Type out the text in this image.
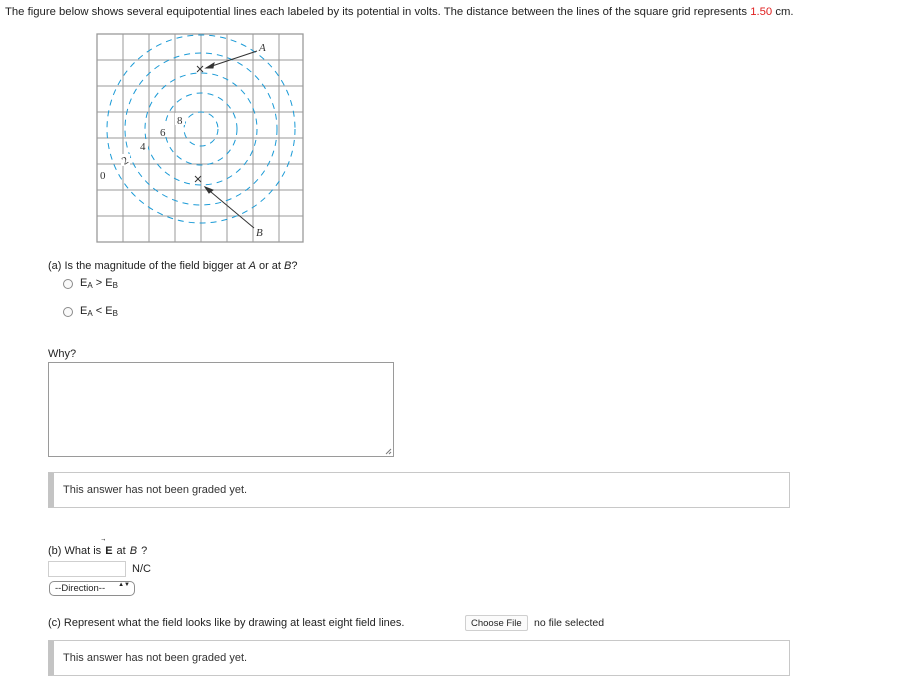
The figure below shows several equipotential lines each labeled by its potential in volts. The distance between the lines of the square grid represents 1.50 cm.
0
2
4
6
8
A
B
(a) Is the magnitude of the field bigger at A or at B?
$E_A > E_B$
$E_A < E_B$
Why?
This answer has not been graded yet.
(b) What is E at B ?
N/C
--Direction-- ▲▼
(c) Represent what the field looks like by drawing at least eight field lines.	Choose File	no file selected
This answer has not been graded yet.
